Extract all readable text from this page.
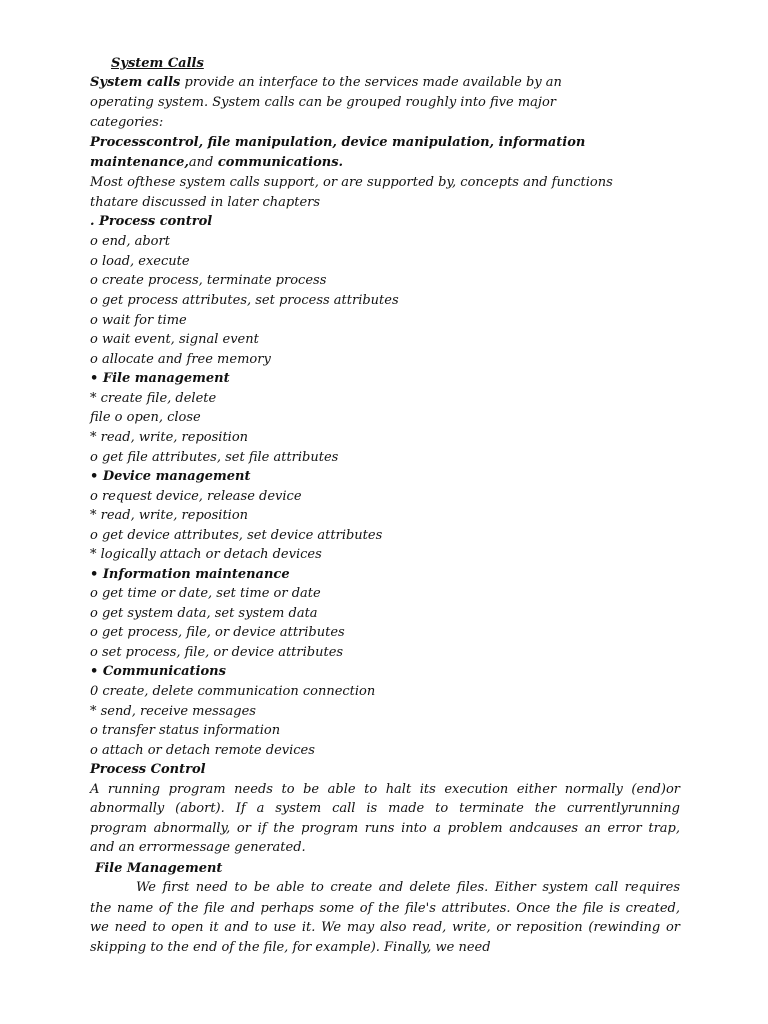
System Calls
System calls provide an interface to the services made available by an
operating system. System calls can be grouped roughly into five major
categories:
Processcontrol, file manipulation, device manipulation, information
maintenance,and communications.
Most ofthese system calls support, or are supported by, concepts and functions
thatare discussed in later chapters
. Process control
o end, abort
o load, execute
o create process, terminate process
o get process attributes, set process attributes
o wait for time
o wait event, signal event
o allocate and free memory
• File management
* create file, delete
file o open, close
* read, write, reposition
o get file attributes, set file attributes
• Device management
o request device, release device
* read, write, reposition
o get device attributes, set device attributes
* logically attach or detach devices
• Information maintenance
o get time or date, set time or date
o get system data, set system data
o get process, file, or device attributes
o set process, file, or device attributes
• Communications
0 create, delete communication connection
* send, receive messages
o transfer status information
o attach or detach remote devices
Process Control
A running program needs to be able to halt its execution either normally (end)or
abnormally (abort). If a system call is made to terminate the currentlyrunning
program abnormally, or if the program runs into a problem andcauses an error trap,
and an errormessage generated.
File Management
We first need to be able to create and delete files. Either system call requires
the name of the file and perhaps some of the file's attributes. Once the file is created,
we need to open it and to use it. We may also read, write, or reposition (rewinding or
skipping to the end of the file, for example). Finally, we need
